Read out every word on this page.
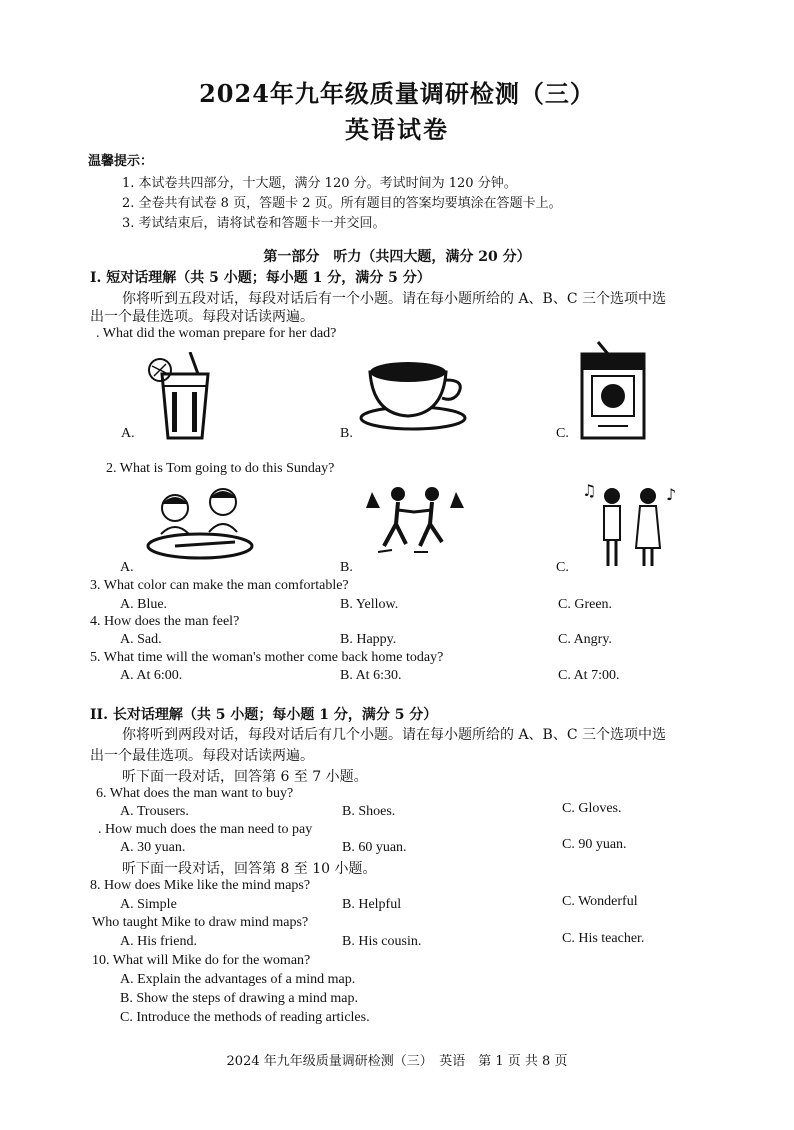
2024年九年级质量调研检测（三）
英语试卷
温馨提示：
1. 本试卷共四部分，十大题，满分 120 分。考试时间为 120 分钟。
2. 全卷共有试卷 8 页，答题卡 2 页。所有题目的答案均要填涂在答题卡上。
3. 考试结束后，请将试卷和答题卡一并交回。
第一部分　听力（共四大题，满分 20 分）
I. 短对话理解（共 5 小题；每小题 1 分，满分 5 分）
你将听到五段对话，每段对话后有一个小题。请在每小题所给的 A、B、C 三个选项中选
出一个最佳选项。每段对话读两遍。
. What did the woman prepare for her dad?
A.	B.	C.
2. What is Tom going to do this Sunday?
A.	B.
♫	♪
C.
3. What color can make the man comfortable?
A. Blue.	B. Yellow.	C. Green.
4. How does the man feel?
A. Sad.	B. Happy.	C. Angry.
5. What time will the woman's mother come back home today?
A. At 6:00.	B. At 6:30.	C. At 7:00.
II. 长对话理解（共 5 小题；每小题 1 分，满分 5 分）
你将听到两段对话，每段对话后有几个小题。请在每小题所给的 A、B、C 三个选项中选
出一个最佳选项。每段对话读两遍。
听下面一段对话，回答第 6 至 7 小题。
6. What does the man want to buy?
A. Trousers.	B. Shoes.	C. Gloves.
. How much does the man need to pay
A. 30 yuan.	B. 60 yuan.	C. 90 yuan.
听下面一段对话，回答第 8 至 10 小题。
8. How does Mike like the mind maps?
A. Simple	B. Helpful	C. Wonderful
Who taught Mike to draw mind maps?
A. His friend.	B. His cousin.	C. His teacher.
10. What will Mike do for the woman?
A. Explain the advantages of a mind map.
B. Show the steps of drawing a mind map.
C. Introduce the methods of reading articles.
2024 年九年级质量调研检测（三）　英语　第 1 页 共 8 页
